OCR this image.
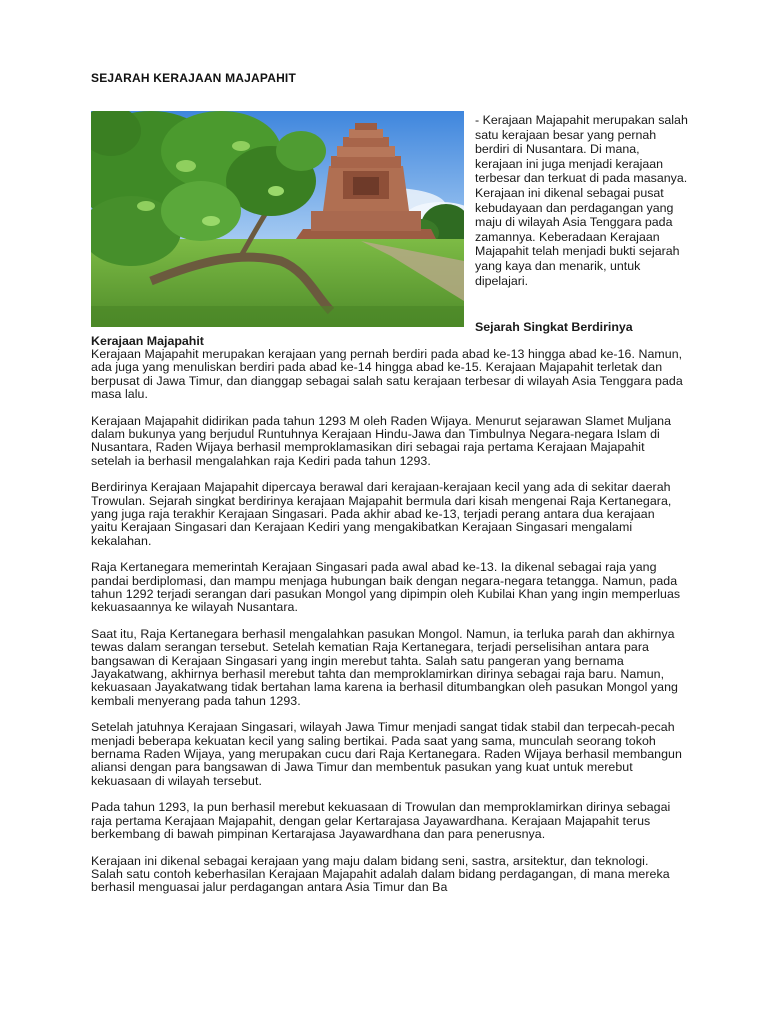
SEJARAH KERAJAAN MAJAPAHIT

- Kerajaan Majapahit merupakan salah satu kerajaan besar yang pernah berdiri di Nusantara. Di mana, kerajaan ini juga menjadi kerajaan terbesar dan terkuat di pada masanya.

Kerajaan ini dikenal sebagai pusat kebudayaan dan perdagangan yang maju di wilayah Asia Tenggara pada zamannya. Keberadaan Kerajaan Majapahit telah menjadi bukti sejarah yang kaya dan menarik, untuk dipelajari.

Sejarah Singkat Berdirinya
Kerajaan Majapahit

Kerajaan Majapahit merupakan kerajaan yang pernah berdiri pada abad ke-13 hingga abad ke-16. Namun, ada juga yang menuliskan berdiri pada abad ke-14 hingga abad ke-15. Kerajaan Majapahit terletak dan berpusat di Jawa Timur, dan dianggap sebagai salah satu kerajaan terbesar di wilayah Asia Tenggara pada masa lalu.

Kerajaan Majapahit didirikan pada tahun 1293 M oleh Raden Wijaya. Menurut sejarawan Slamet Muljana dalam bukunya yang berjudul Runtuhnya Kerajaan Hindu-Jawa dan Timbulnya Negara-negara Islam di Nusantara, Raden Wijaya berhasil memproklamasikan diri sebagai raja pertama Kerajaan Majapahit setelah ia berhasil mengalahkan raja Kediri pada tahun 1293.

Berdirinya Kerajaan Majapahit dipercaya berawal dari kerajaan-kerajaan kecil yang ada di sekitar daerah Trowulan. Sejarah singkat berdirinya kerajaan Majapahit bermula dari kisah mengenai Raja Kertanegara, yang juga raja terakhir Kerajaan Singasari. Pada akhir abad ke-13, terjadi perang antara dua kerajaan yaitu Kerajaan Singasari dan Kerajaan Kediri yang mengakibatkan Kerajaan Singasari mengalami kekalahan.

Raja Kertanegara memerintah Kerajaan Singasari pada awal abad ke-13. Ia dikenal sebagai raja yang pandai berdiplomasi, dan mampu menjaga hubungan baik dengan negara-negara tetangga. Namun, pada tahun 1292 terjadi serangan dari pasukan Mongol yang dipimpin oleh Kubilai Khan yang ingin memperluas kekuasaannya ke wilayah Nusantara.

Saat itu, Raja Kertanegara berhasil mengalahkan pasukan Mongol. Namun, ia terluka parah dan akhirnya tewas dalam serangan tersebut. Setelah kematian Raja Kertanegara, terjadi perselisihan antara para bangsawan di Kerajaan Singasari yang ingin merebut tahta. Salah satu pangeran yang bernama Jayakatwang, akhirnya berhasil merebut tahta dan memproklamirkan dirinya sebagai raja baru. Namun, kekuasaan Jayakatwang tidak bertahan lama karena ia berhasil ditumbangkan oleh pasukan Mongol yang kembali menyerang pada tahun 1293.

Setelah jatuhnya Kerajaan Singasari, wilayah Jawa Timur menjadi sangat tidak stabil dan terpecah-pecah menjadi beberapa kekuatan kecil yang saling bertikai. Pada saat yang sama, munculah seorang tokoh bernama Raden Wijaya, yang merupakan cucu dari Raja Kertanegara. Raden Wijaya berhasil membangun aliansi dengan para bangsawan di Jawa Timur dan membentuk pasukan yang kuat untuk merebut kekuasaan di wilayah tersebut.

Pada tahun 1293, Ia pun berhasil merebut kekuasaan di Trowulan dan memproklamirkan dirinya sebagai raja pertama Kerajaan Majapahit, dengan gelar Kertarajasa Jayawardhana. Kerajaan Majapahit terus berkembang di bawah pimpinan Kertarajasa Jayawardhana dan para penerusnya.

Kerajaan ini dikenal sebagai kerajaan yang maju dalam bidang seni, sastra, arsitektur, dan teknologi. Salah satu contoh keberhasilan Kerajaan Majapahit adalah dalam bidang perdagangan, di mana mereka berhasil menguasai jalur perdagangan antara Asia Timur dan Ba
